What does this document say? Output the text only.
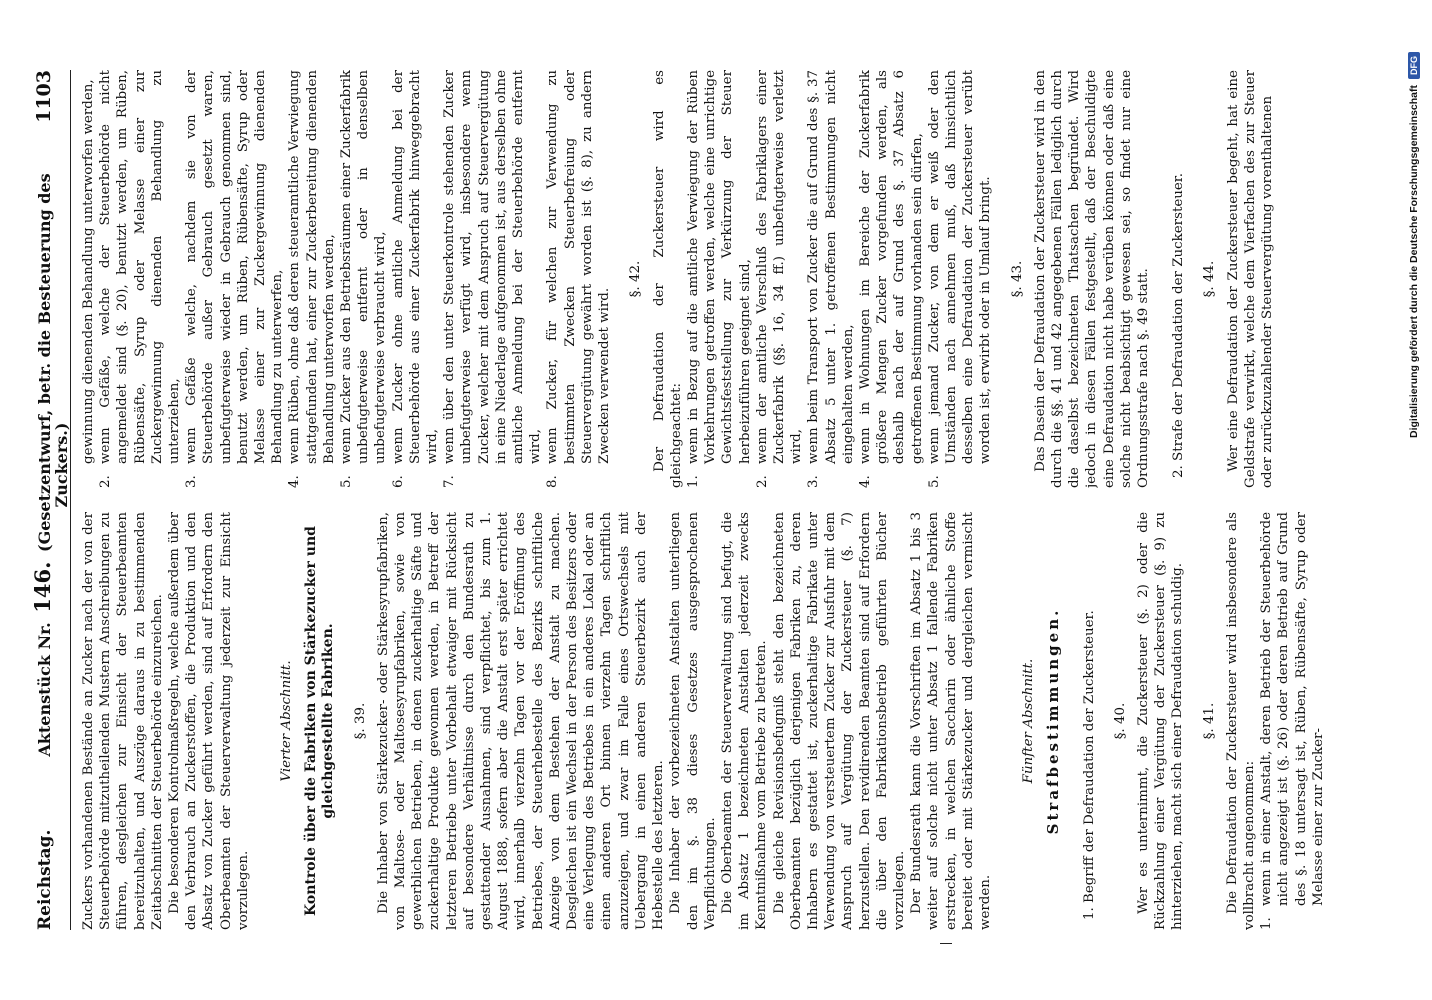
Reichstag.
Aktenstück Nr. 146. (Gesetzentwurf, betr. die Besteuerung des Zuckers.)
1103

Zuckers vorhandenen Bestände an Zucker nach der von der Steuerbehörde mitzutheilenden Mustern Anschreibungen zu führen, desgleichen zur Einsicht der Steuerbeamten bereitzuhalten, und Auszüge daraus in zu bestimmenden Zeitabschnitten der Steuerbehörde einzureichen. Die besonderen Kontrolmaßregeln, welche außerdem über den Verbrauch an Zuckerstoffen, die Produktion und den Absatz von Zucker geführt werden, sind auf Erfordern den Oberbeamten der Steuerverwaltung jederzeit zur Einsicht vorzulegen.

Vierter Abschnitt. Kontrole über die Fabriken von Stärkezucker und gleichgestellte Fabriken. §. 39. Die Inhaber von Stärkezucker- oder Stärkesyrupfabriken, von Maltose- oder Maltosesyrupfabriken, sowie von gewerblichen Betrieben, in denen zuckerhaltige Säfte und zuckerhaltige Produkte gewonnen werden, in Betreff der letzteren Betriebe unter Vorbehalt etwaiger mit Rücksicht auf besondere Verhältnisse durch den Bundesrath zu gestattender Ausnahmen, sind verpflichtet, bis zum 1. August 1888, sofern aber die Anstalt erst später errichtet wird, innerhalb vierzehn Tagen vor der Eröffnung des Betriebes, der Steuerhebestelle des Bezirks schriftliche Anzeige von dem Bestehen der Anstalt zu machen. Desgleichen ist ein Wechsel in der Person des Besitzers oder eine Verlegung des Betriebes in ein anderes Lokal oder an einen anderen Ort binnen vierzehn Tagen schriftlich anzuzeigen, und zwar im Falle eines Ortswechsels mit Uebergang in einen anderen Steuerbezirk auch der Hebestelle des letzteren. Die Inhaber der vorbezeichneten Anstalten unterliegen den im §. 38 dieses Gesetzes ausgesprochenen Verpflichtungen. Die Oberbeamten der Steuerverwaltung sind befugt, die im Absatz 1 bezeichneten Anstalten jederzeit zwecks Kenntnißnahme vom Betriebe zu betreten. Die gleiche Revisionsbefugniß steht den bezeichneten Oberbeamten bezüglich derjenigen Fabriken zu, deren Inhabern es gestattet ist, zuckerhaltige Fabrikate unter Verwendung von versteuertem Zucker zur Ausfuhr mit dem Anspruch auf Vergütung der Zuckersteuer (§. 7) herzustellen. Den revidirenden Beamten sind auf Erfordern die über den Fabrikationsbetrieb geführten Bücher vorzulegen. Der Bundesrath kann die Vorschriften im Absatz 1 bis 3 weiter auf solche nicht unter Absatz 1 fallende Fabriken erstrecken, in welchen Saccharin oder ähnliche Stoffe bereitet oder mit Stärkezucker und dergleichen vermischt werden.

Fünfter Abschnitt. Strafbestimmungen. 1. Begriff der Defraudation der Zuckersteuer. §. 40. Wer es unternimmt, die Zuckersteuer (§. 2) oder die Rückzahlung einer Vergütung der Zuckersteuer (§. 9) zu hinterziehen, macht sich einer Defraudation schuldig. §. 41. Die Defraudation der Zuckersteuer wird insbesondere als vollbracht angenommen: 1.
wenn in einer Anstalt, deren Betrieb der Steuerbehörde nicht angezeigt ist (§. 26) oder deren Betrieb auf Grund des §. 18 untersagt ist, Rüben, Rübensäfte, Syrup oder Melasse einer zur Zucker-
gewinnung dienenden Behandlung unterworfen werden,
2.
wenn Gefäße, welche der Steuerbehörde nicht angemeldet sind (§. 20), benutzt werden, um Rüben, Rübensäfte, Syrup oder Melasse einer zur Zuckergewinnung dienenden Behandlung zu unterziehen,
3.
wenn Gefäße welche, nachdem sie von der Steuerbehörde außer Gebrauch gesetzt waren, unbefugterweise wieder in Gebrauch genommen sind, benutzt werden, um Rüben, Rübensäfte, Syrup oder Melasse einer zur Zuckergewinnung dienenden Behandlung zu unterwerfen,
4.
wenn Rüben, ohne daß deren steueramtliche Verwiegung stattgefunden hat, einer zur Zuckerbereitung dienenden Behandlung unterworfen werden,
5.
wenn Zucker aus den Betriebsräumen einer Zuckerfabrik unbefugterweise entfernt oder in denselben unbefugterweise verbraucht wird,
6.
wenn Zucker ohne amtliche Anmeldung bei der Steuerbehörde aus einer Zuckerfabrik hinweggebracht wird,
7.
wenn über den unter Steuerkontrole stehenden Zucker unbefugterweise verfügt wird, insbesondere wenn Zucker, welcher mit dem Anspruch auf Steuervergütung in eine Niederlage aufgenommen ist, aus derselben ohne amtliche Anmeldung bei der Steuerbehörde entfernt wird,
8.
wenn Zucker, für welchen zur Verwendung zu bestimmten Zwecken Steuerbefreiung oder Steuervergütung gewährt worden ist (§. 8), zu andern Zwecken verwendet wird.

§. 42. Der Defraudation der Zuckersteuer wird es gleichgeachtet: 1.
wenn in Bezug auf die amtliche Verwiegung der Rüben Vorkehrungen getroffen werden, welche eine unrichtige Gewichtsfeststellung zur Verkürzung der Steuer herbeizuführen geeignet sind,
2.
wenn der amtliche Verschluß des Fabriklagers einer Zuckerfabrik (§§. 16, 34 ff.) unbefugterweise verletzt wird,
3.
wenn beim Transport von Zucker die auf Grund des §. 37 Absatz 5 unter 1. getroffenen Bestimmungen nicht eingehalten werden,
4.
wenn in Wohnungen im Bereiche der Zuckerfabrik größere Mengen Zucker vorgefunden werden, als deshalb nach der auf Grund des §. 37 Absatz 6 getroffenen Bestimmung vorhanden sein dürfen,
5.
wenn jemand Zucker, von dem er weiß oder den Umständen nach annehmen muß, daß hinsichtlich desselben eine Defraudation der Zuckersteuer verübt worden ist, erwirbt oder in Umlauf bringt. §. 43. Das Dasein der Defraudation der Zuckersteuer wird in den durch die §§. 41 und 42 angegebenen Fällen lediglich durch die daselbst bezeichneten Thatsachen begründet. Wird jedoch in diesen Fällen festgestellt, daß der Beschuldigte eine Defraudation nicht habe verüben können oder daß eine solche nicht beabsichtigt gewesen sei, so findet nur eine Ordnungsstrafe nach §. 49 statt. 2. Strafe der Defraudation der Zuckersteuer. §. 44. Wer eine Defraudation der Zuckersteuer begeht, hat eine Geldstrafe verwirkt, welche dem Vierfachen des zur Steuer oder zurückzuzahlender Steuervergütung vorenthaltenen	Digitalisierung gefördert durch die Deutsche Forschungsgemeinschaft
DFG
